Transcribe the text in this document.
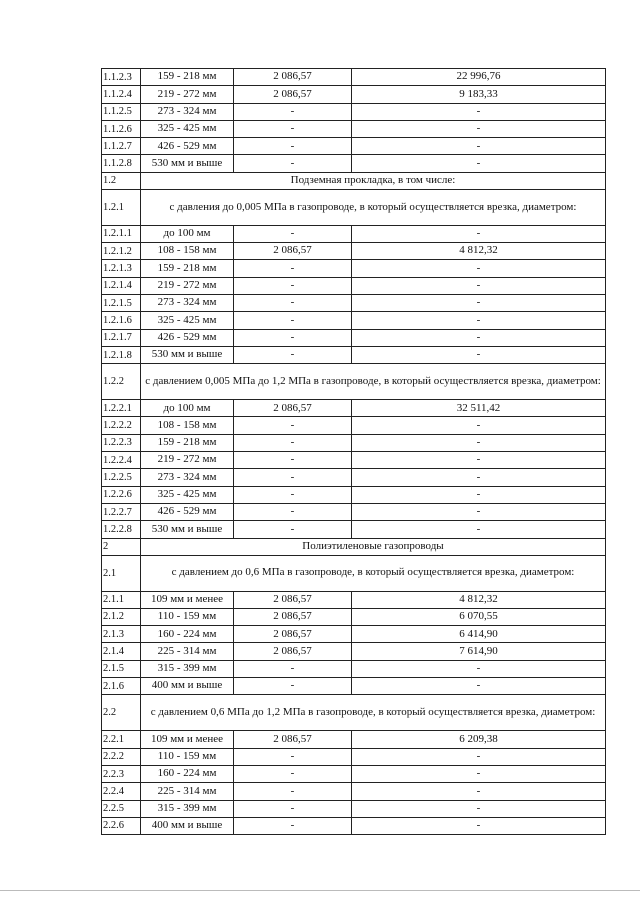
1.1.2.3	159 - 218 мм	2 086,57	22 996,76
1.1.2.4	219 - 272 мм	2 086,57	9 183,33
1.1.2.5	273 - 324 мм	-	-
1.1.2.6	325 - 425 мм	-	-
1.1.2.7	426 - 529 мм	-	-
1.1.2.8	530 мм и выше	-	-
1.2	Подземная прокладка, в том числе:		
1.2.1	с давления до 0,005 МПа в газопроводе, в который осуществляется врезка, диаметром:		
1.2.1.1	до 100 мм	-	-
1.2.1.2	108 - 158 мм	2 086,57	4 812,32
1.2.1.3	159 - 218 мм	-	-
1.2.1.4	219 - 272 мм	-	-
1.2.1.5	273 - 324 мм	-	-
1.2.1.6	325 - 425 мм	-	-
1.2.1.7	426 - 529 мм	-	-
1.2.1.8	530 мм и выше	-	-
1.2.2	с давлением 0,005 МПа до 1,2 МПа в газопроводе, в который осуществляется врезка, диаметром:		
1.2.2.1	до 100 мм	2 086,57	32 511,42
1.2.2.2	108 - 158 мм	-	-
1.2.2.3	159 - 218 мм	-	-
1.2.2.4	219 - 272 мм	-	-
1.2.2.5	273 - 324 мм	-	-
1.2.2.6	325 - 425 мм	-	-
1.2.2.7	426 - 529 мм	-	-
1.2.2.8	530 мм и выше	-	-
2	Полиэтиленовые газопроводы		
2.1	с давлением до 0,6 МПа в газопроводе, в который осуществляется врезка, диаметром:		
2.1.1	109 мм и менее	2 086,57	4 812,32
2.1.2	110 - 159 мм	2 086,57	6 070,55
2.1.3	160 - 224 мм	2 086,57	6 414,90
2.1.4	225 - 314 мм	2 086,57	7 614,90
2.1.5	315 - 399 мм	-	-
2.1.6	400 мм и выше	-	-
2.2	с давлением 0,6 МПа до 1,2 МПа в газопроводе, в который осуществляется врезка, диаметром:		
2.2.1	109 мм и менее	2 086,57	6 209,38
2.2.2	110 - 159 мм	-	-
2.2.3	160 - 224 мм	-	-
2.2.4	225 - 314 мм	-	-
2.2.5	315 - 399 мм	-	-
2.2.6	400 мм и выше	-	-
